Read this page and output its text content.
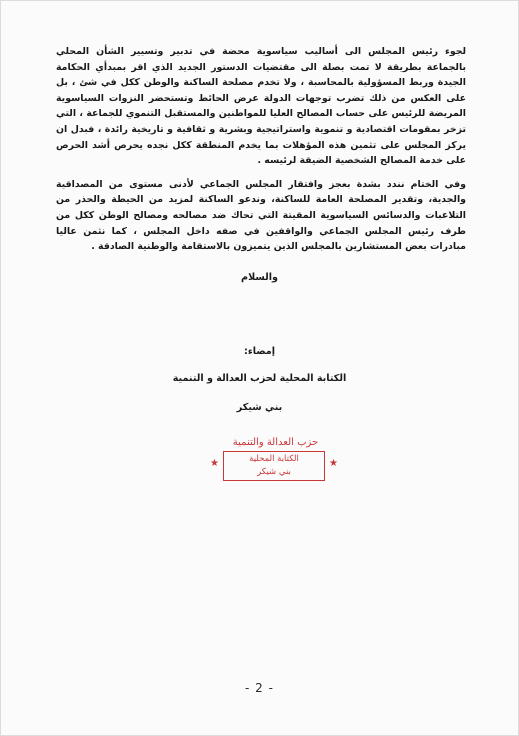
لجوء رئيس المجلس الى أساليب سياسوية محضة في تدبير وتسيير الشأن المحلي بالجماعة بطريقة لا تمت بصلة الى مقتضيات الدستور الجديد الذي اقر بمبدأي الحكامة الجيدة وربط المسؤولية بالمحاسبة ، ولا تخدم مصلحة الساكنة والوطن ككل في شئ ، بل على العكس من ذلك تضرب توجهات الدولة عرض الحائط وتستحضر النزوات السياسوية المريضة للرئيس على حساب المصالح العليا للمواطنين والمستقبل التنموي للجماعة ، التي تزخر بمقومات اقتصادية و تنموية واستراتيجية وبشرية و ثقافية و تاريخية رائدة ، فبدل ان يركز المجلس على تثمين هذه المؤهلات بما يخدم المنطقة ككل نجده يحرص أشد الحرص على خدمة المصالح الشخصية الضيقة لرئيسه .

وفي الختام نندد بشدة بعجز وافتقار المجلس الجماعي لأدنى مستوى من المصداقية والجدية، وتقدير المصلحة العامة للساكنة، وندعو الساكنة لمزيد من الحيطة والحذر من التلاعبات والدسائس السياسوية المقيتة التي تحاك ضد مصالحه ومصالح الوطن ككل من طرف رئيس المجلس الجماعي والواقفين في صفه داخل المجلس ، كما نثمن عاليا مبادرات بعض المستشارين بالمجلس الذين يتميزون بالاستقامة والوطنية الصادقة .

والسلام
إمضاء:
الكتابة المحلية لحزب العدالة و التنمية
بني شيكر
حزب العدالة والتنمية
★
★	الكتابة المحلية
بني شيكر
- 2 -
